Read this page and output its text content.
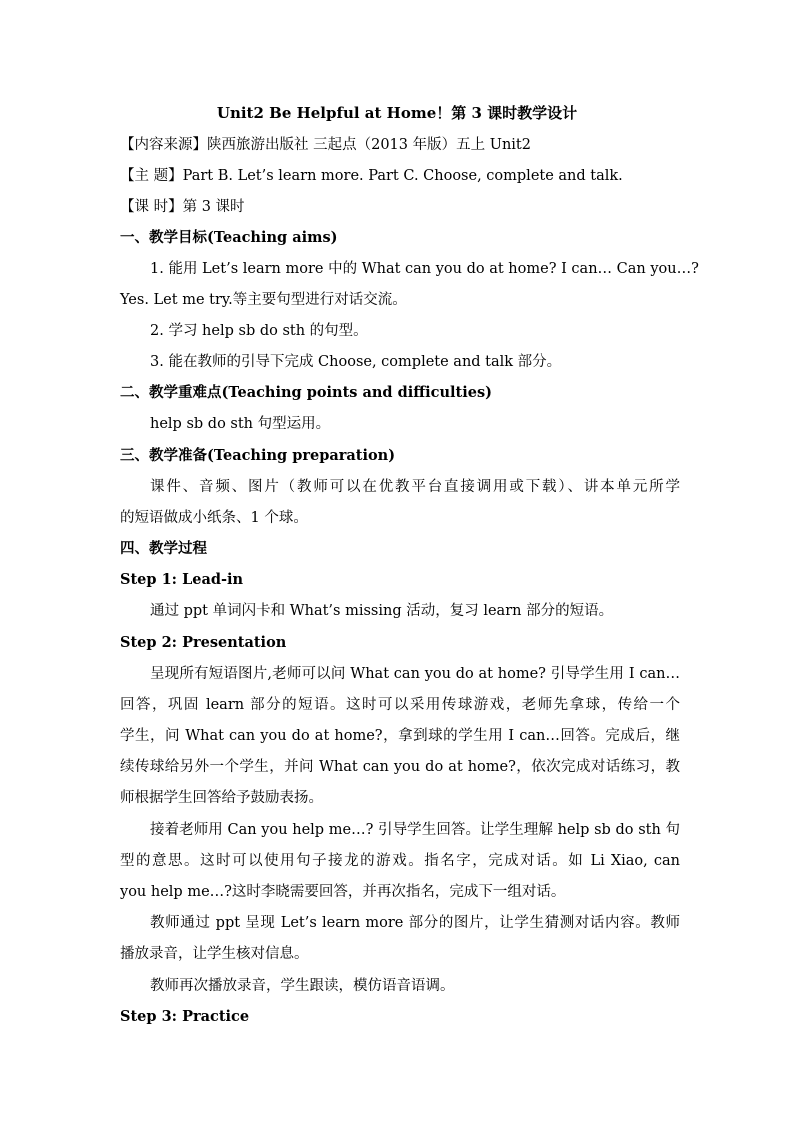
Unit2 Be Helpful at Home！第 3 课时教学设计
【内容来源】陕西旅游出版社 三起点（2013 年版）五上 Unit2
【主 题】Part B. Let’s learn more. Part C. Choose, complete and talk.
【课 时】第 3 课时
一、教学目标(Teaching aims)
1. 能用 Let’s learn more 中的 What can you do at home? I can… Can you…?
Yes. Let me try.等主要句型进行对话交流。
2. 学习 help sb do sth 的句型。
3. 能在教师的引导下完成 Choose, complete and talk 部分。
二、教学重难点(Teaching points and difficulties)
help sb do sth 句型运用。
三、教学准备(Teaching preparation)
课件、音频、图片（教师可以在优教平台直接调用或下载）、讲本单元所学
的短语做成小纸条、1 个球。
四、教学过程
Step 1: Lead-in
通过 ppt 单词闪卡和 What’s missing 活动，复习 learn 部分的短语。
Step 2: Presentation
呈现所有短语图片,老师可以问 What can you do at home? 引导学生用 I can…
回答，巩固 learn 部分的短语。这时可以采用传球游戏，老师先拿球，传给一个
学生，问 What can you do at home?，拿到球的学生用 I can…回答。完成后，继
续传球给另外一个学生，并问 What can you do at home?，依次完成对话练习，教
师根据学生回答给予鼓励表扬。
接着老师用 Can you help me…? 引导学生回答。让学生理解 help sb do sth 句
型的意思。这时可以使用句子接龙的游戏。指名字，完成对话。如 Li Xiao, can
you help me…?这时李晓需要回答，并再次指名，完成下一组对话。
教师通过 ppt 呈现 Let’s learn more 部分的图片，让学生猜测对话内容。教师
播放录音，让学生核对信息。
教师再次播放录音，学生跟读，模仿语音语调。
Step 3: Practice
